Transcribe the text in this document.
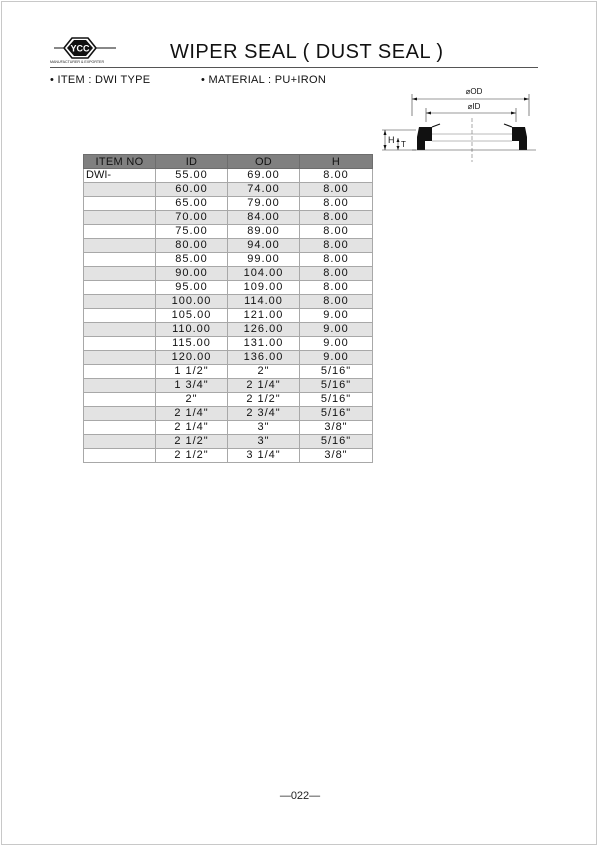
YCC
MANUFACTURER & EXPORTER	WIPER SEAL ( DUST SEAL )
• ITEM : DWI TYPE	• MATERIAL : PU+IRON
⌀OD
⌀ID
H T
ITEM NO	ID	OD	H
DWI-	55.00	69.00	8.00
	60.00	74.00	8.00
	65.00	79.00	8.00
	70.00	84.00	8.00
	75.00	89.00	8.00
	80.00	94.00	8.00
	85.00	99.00	8.00
	90.00	104.00	8.00
	95.00	109.00	8.00
	100.00	114.00	8.00
	105.00	121.00	9.00
	110.00	126.00	9.00
	115.00	131.00	9.00
	120.00	136.00	9.00
	1 1/2"	2"	5/16"
	1 3/4"	2 1/4"	5/16"
	2"	2 1/2"	5/16"
	2 1/4"	2 3/4"	5/16"
	2 1/4"	3"	3/8"
	2 1/2"	3"	5/16"
	2 1/2"	3 1/4"	3/8"
—022—
